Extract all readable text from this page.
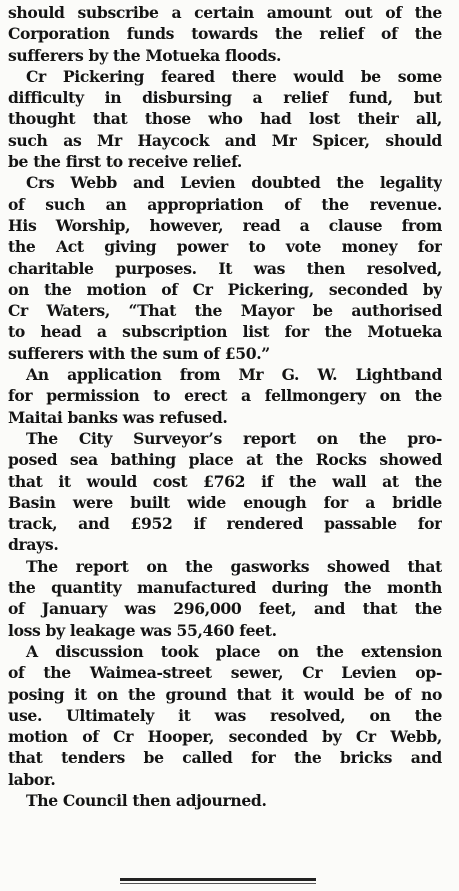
should subscribe a certain amount out of the
Corporation funds towards the relief of the
sufferers by the Motueka floods.
Cr Pickering feared there would be some
difficulty in disbursing a relief fund, but
thought that those who had lost their all,
such as Mr Haycock and Mr Spicer, should
be the first to receive relief.
Crs Webb and Levien doubted the legality
of such an appropriation of the revenue.
His Worship, however, read a clause from
the Act giving power to vote money for
charitable purposes. It was then resolved,
on the motion of Cr Pickering, seconded by
Cr Waters, “That the Mayor be authorised
to head a subscription list for the Motueka
sufferers with the sum of £50.”
An application from Mr G. W. Lightband
for permission to erect a fellmongery on the
Maitai banks was refused.
The City Surveyor’s report on the pro-
posed sea bathing place at the Rocks showed
that it would cost £762 if the wall at the
Basin were built wide enough for a bridle
track, and £952 if rendered passable for
drays.
The report on the gasworks showed that
the quantity manufactured during the month
of January was 296,000 feet, and that the
loss by leakage was 55,460 feet.
A discussion took place on the extension
of the Waimea-street sewer, Cr Levien op-
posing it on the ground that it would be of no
use. Ultimately it was resolved, on the
motion of Cr Hooper, seconded by Cr Webb,
that tenders be called for the bricks and
labor.
The Council then adjourned.
